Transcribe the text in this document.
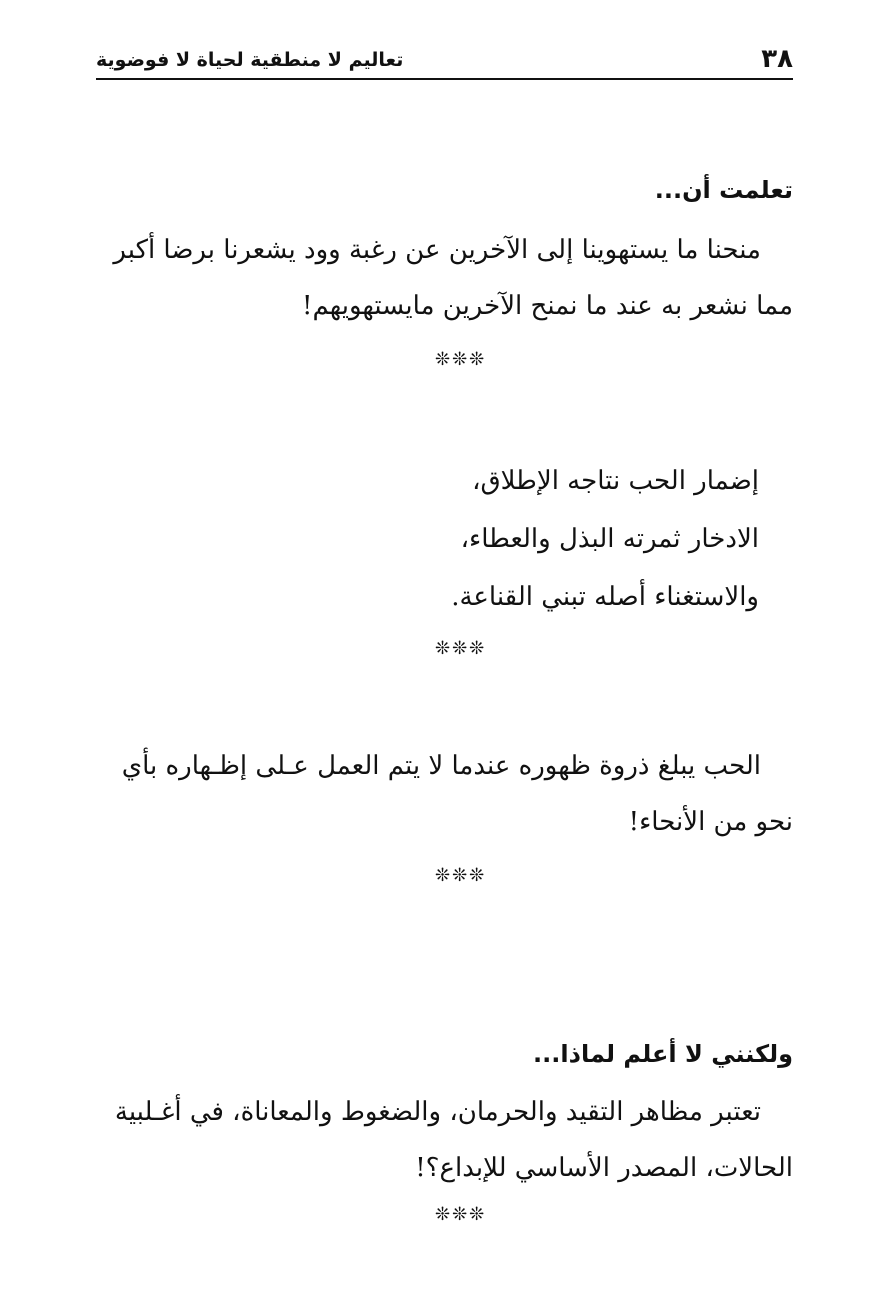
٣٨
تعاليم لا منطقية لحياة لا فوضوية
تعلمت أن...
منحنا ما يستهوينا إلى الآخرين عن رغبة وود يشعرنا برضا أكبر
مما نشعر به عند ما نمنح الآخرين مايستهويهم!
❊❊❊
إضمار الحب نتاجه الإطلاق،
الادخار ثمرته البذل والعطاء،
والاستغناء أصله تبني القناعة.
❊❊❊
الحب يبلغ ذروة ظهوره عندما لا يتم العمل عـلى إظـهاره بأي
نحو من الأنحاء!
❊❊❊
ولكنني لا أعلم لماذا...
تعتبر مظاهر التقيد والحرمان، والضغوط والمعاناة، في أغـلبية
الحالات، المصدر الأساسي للإبداع؟!
❊❊❊
